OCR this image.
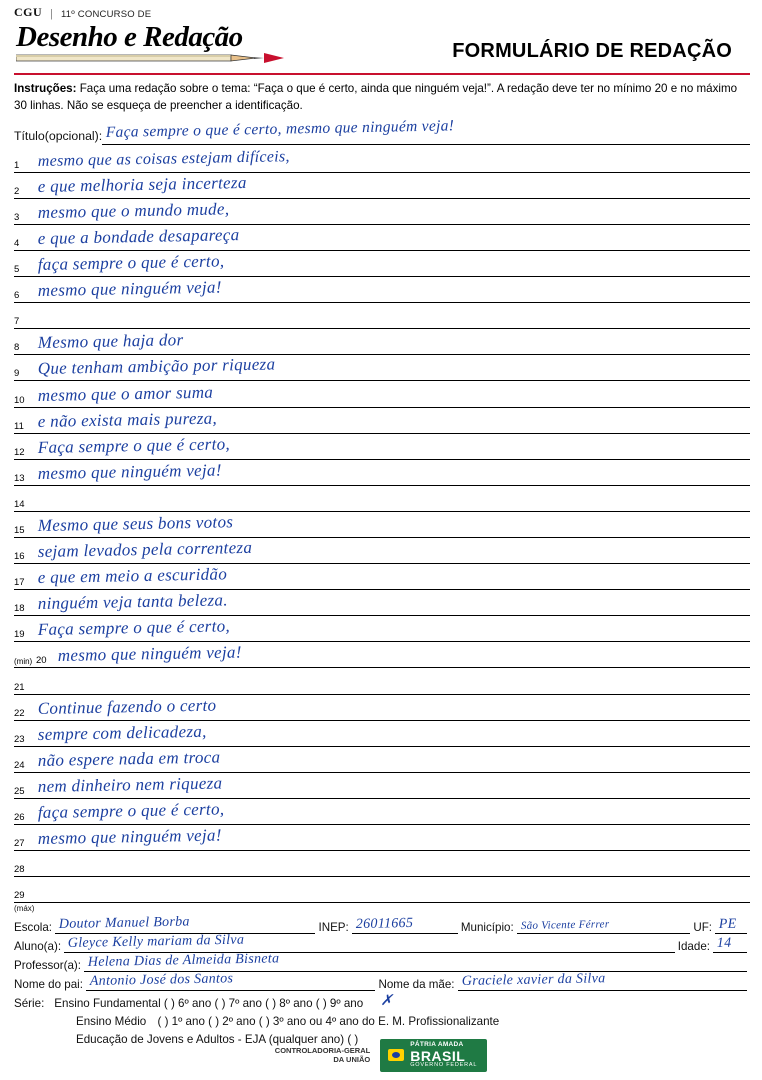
CGU | 11º CONCURSO DE
Desenho e Redação	FORMULÁRIO DE REDAÇÃO
Instruções: Faça uma redação sobre o tema: “Faça o que é certo, ainda que ninguém veja!”. A redação deve ter no mínimo 20 e no máximo 30 linhas. Não se esqueça de preencher a identificação.
Título(opcional): Faça sempre o que é certo, mesmo que ninguém veja!
1	mesmo que as coisas estejam difíceis,
2	e que melhoria seja incerteza
3	mesmo que o mundo mude,
4	e que a bondade desapareça
5	faça sempre o que é certo,
6	mesmo que ninguém veja!
7
8	Mesmo que haja dor
9	Que tenham ambição por riqueza
10 mesmo que o amor suma
11 e não exista mais pureza,
12 Faça sempre o que é certo,
13 mesmo que ninguém veja!
14
15 Mesmo que seus bons votos
16 sejam levados pela correnteza
17 e que em meio a escuridão
18 ninguém veja tanta beleza.
19 Faça sempre o que é certo,
(min) 20 mesmo que ninguém veja!
21
22 Continue fazendo o certo
23 sempre com delicadeza,
24 não espere nada em troca
25 nem dinheiro nem riqueza
26 faça sempre o que é certo,
27 mesmo que ninguém veja!
28
29
(máx)
Escola: Doutor Manuel Borba	INEP: 26011665	Município: São Vicente Férrer	UF: PE
Aluno(a): Gleyce Kelly mariam da Silva	Idade: 14
Professor(a): Helena Dias de Almeida Bisneta
Nome do pai: Antonio José dos Santos	Nome da mãe: Graciele xavier da Silva
Série: Ensino Fundamental ( ) 6º ano ( ) 7º ano ( ) 8º ano ( ) 9º ano ✗
Ensino Médio ( ) 1º ano ( ) 2º ano ( ) 3º ano ou 4º ano do E. M. Profissionalizante
Educação de Jovens e Adultos - EJA (qualquer ano) ( )
CONTROLADORIA-GERAL
DA UNIÃO
PÁTRIA AMADA
BRASIL
GOVERNO FEDERAL
